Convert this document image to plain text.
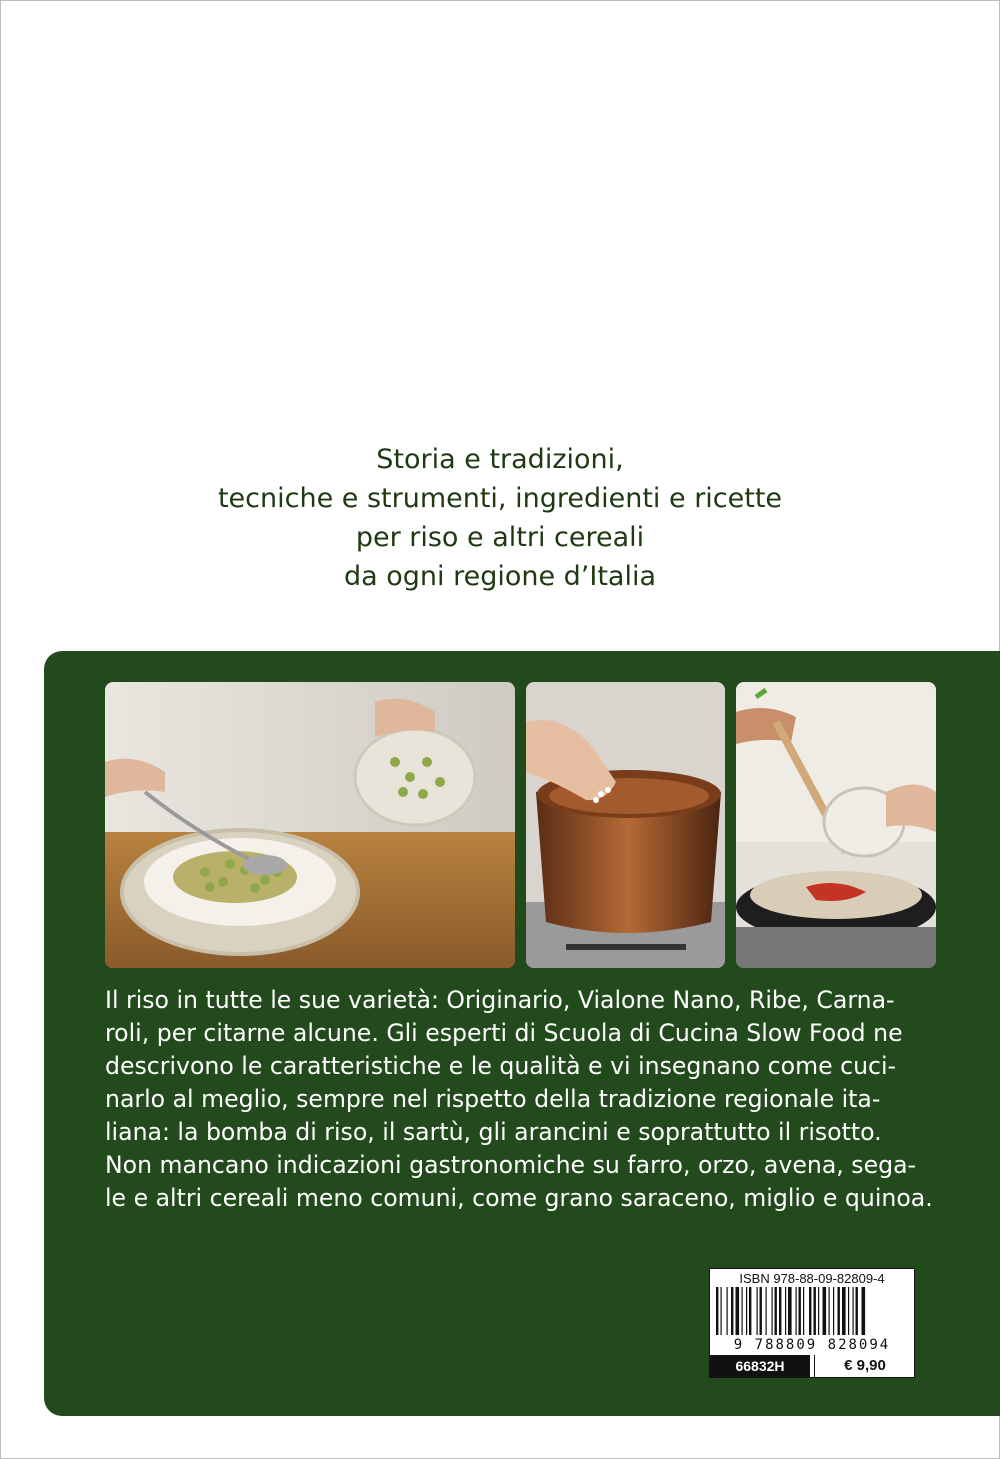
Storia e tradizioni,
tecniche e strumenti, ingredienti e ricette
per riso e altri cereali
da ogni regione d’Italia
Il riso in tutte le sue varietà: Originario, Vialone Nano, Ribe, Carna-
roli, per citarne alcune. Gli esperti di Scuola di Cucina Slow Food ne
descrivono le caratteristiche e le qualità e vi insegnano come cuci-
narlo al meglio, sempre nel rispetto della tradizione regionale ita-
liana: la bomba di riso, il sartù, gli arancini e soprattutto il risotto.
Non mancano indicazioni gastronomiche su farro, orzo, avena, sega-
le e altri cereali meno comuni, come grano saraceno, miglio e quinoa.
ISBN 978-88-09-82809-4
9 788809 828094
66832H	€ 9,90
